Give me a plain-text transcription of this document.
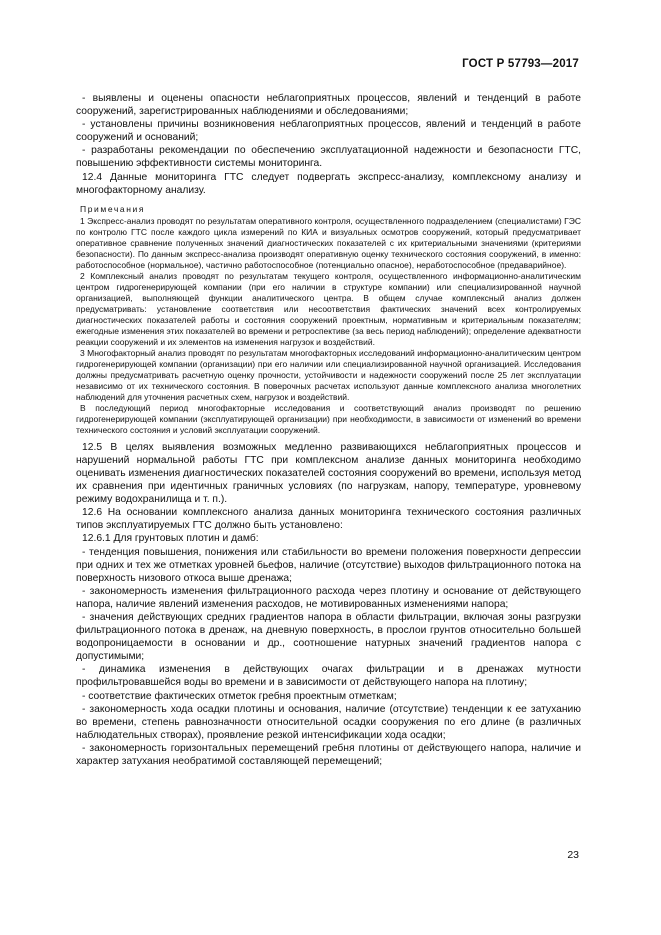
ГОСТ Р 57793—2017

- выявлены и оценены опасности неблагоприятных процессов, явлений и тенденций в работе сооружений, зарегистрированных наблюдениями и обследованиями;

- установлены причины возникновения неблагоприятных процессов, явлений и тенденций в работе сооружений и оснований;

- разработаны рекомендации по обеспечению эксплуатационной надежности и безопасности ГТС, повышению эффективности системы мониторинга.

12.4 Данные мониторинга ГТС следует подвергать экспресс-анализу, комплексному анализу и многофакторному анализу.

Примечания

1 Экспресс-анализ проводят по результатам оперативного контроля, осуществленного подразделением (специалистами) ГЭС по контролю ГТС после каждого цикла измерений по КИА и визуальных осмотров сооружений, который предусматривает оперативное сравнение полученных значений диагностических показателей с их критериальными значениями (критериями безопасности). По данным экспресс-анализа производят оперативную оценку технического состояния сооружений, в именно: работоспособное (нормальное), частично работоспособное (потенциально опасное), неработоспособное (предаварийное).

2 Комплексный анализ проводят по результатам текущего контроля, осуществленного информационно-аналитическим центром гидрогенерирующей компании (при его наличии в структуре компании) или специализированной научной организацией, выполняющей функции аналитического центра. В общем случае комплексный анализ должен предусматривать: установление соответствия или несоответствия фактических значений всех контролируемых диагностических показателей работы и состояния сооружений проектным, нормативным и критериальным показателям; ежегодные изменения этих показателей во времени и ретроспективе (за весь период наблюдений); определение адекватности реакции сооружений и их элементов на изменения нагрузок и воздействий.

3 Многофакторный анализ проводят по результатам многофакторных исследований информационно-аналитическим центром гидрогенерирующей компании (организации) при его наличии или специализированной научной организацией. Исследования должны предусматривать расчетную оценку прочности, устойчивости и надежности сооружений после 25 лет эксплуатации независимо от их технического состояния. В поверочных расчетах используют данные комплексного анализа многолетних наблюдений для уточнения расчетных схем, нагрузок и воздействий.

В последующий период многофакторные исследования и соответствующий анализ производят по решению гидрогенерирующей компании (эксплуатирующей организации) при необходимости, в зависимости от изменений во времени технического состояния и условий эксплуатации сооружений.

12.5 В целях выявления возможных медленно развивающихся неблагоприятных процессов и нарушений нормальной работы ГТС при комплексном анализе данных мониторинга необходимо оценивать изменения диагностических показателей состояния сооружений во времени, используя метод их сравнения при идентичных граничных условиях (по нагрузкам, напору, температуре, уровневому режиму водохранилища и т. п.).

12.6 На основании комплексного анализа данных мониторинга технического состояния различных типов эксплуатируемых ГТС должно быть установлено:

12.6.1 Для грунтовых плотин и дамб:

- тенденция повышения, понижения или стабильности во времени положения поверхности депрессии при одних и тех же отметках уровней бьефов, наличие (отсутствие) выходов фильтрационного потока на поверхность низового откоса выше дренажа;

- закономерность изменения фильтрационного расхода через плотину и основание от действующего напора, наличие явлений изменения расходов, не мотивированных изменениями напора;

- значения действующих средних градиентов напора в области фильтрации, включая зоны разгрузки фильтрационного потока в дренаж, на дневную поверхность, в прослои грунтов относительно большей водопроницаемости в основании и др., соотношение натурных значений градиентов напора с допустимыми;

- динамика изменения в действующих очагах фильтрации и в дренажах мутности профильтровавшейся воды во времени и в зависимости от действующего напора на плотину;

- соответствие фактических отметок гребня проектным отметкам;

- закономерность хода осадки плотины и основания, наличие (отсутствие) тенденции к ее затуханию во времени, степень равнозначности относительной осадки сооружения по его длине (в различных наблюдательных створах), проявление резкой интенсификации хода осадки;

- закономерность горизонтальных перемещений гребня плотины от действующего напора, наличие и характер затухания необратимой составляющей перемещений;

23
